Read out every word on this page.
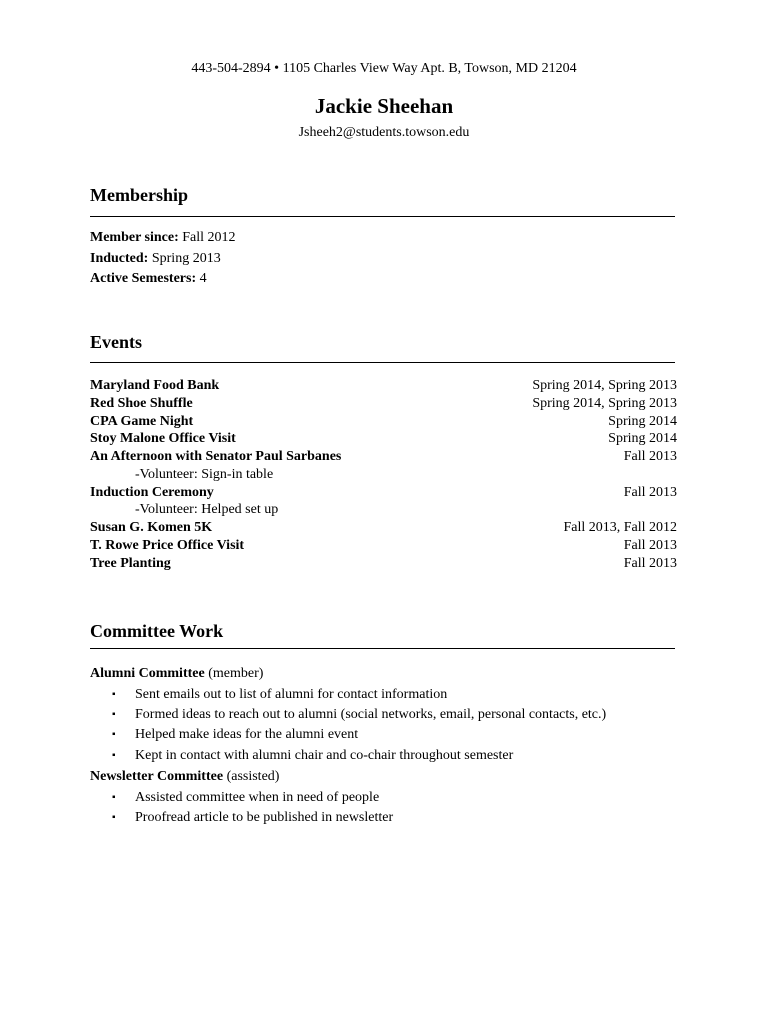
443-504-2894 • 1105 Charles View Way Apt. B, Towson, MD 21204
Jackie Sheehan
Jsheeh2@students.towson.edu
Membership
Member since: Fall 2012
Inducted: Spring 2013
Active Semesters: 4
Events
Maryland Food Bank	Spring 2014, Spring 2013
Red Shoe Shuffle	Spring 2014, Spring 2013
CPA Game Night	Spring 2014
Stoy Malone Office Visit	Spring 2014
An Afternoon with Senator Paul Sarbanes	Fall 2013
-Volunteer: Sign-in table
Induction Ceremony	Fall 2013
-Volunteer: Helped set up
Susan G. Komen 5K	Fall 2013, Fall 2012
T. Rowe Price Office Visit	Fall 2013
Tree Planting	Fall 2013
Committee Work
Alumni Committee (member)
▪ Sent emails out to list of alumni for contact information
▪ Formed ideas to reach out to alumni (social networks, email, personal contacts, etc.)
▪ Helped make ideas for the alumni event
▪ Kept in contact with alumni chair and co-chair throughout semester
Newsletter Committee (assisted)
▪ Assisted committee when in need of people
▪ Proofread article to be published in newsletter
